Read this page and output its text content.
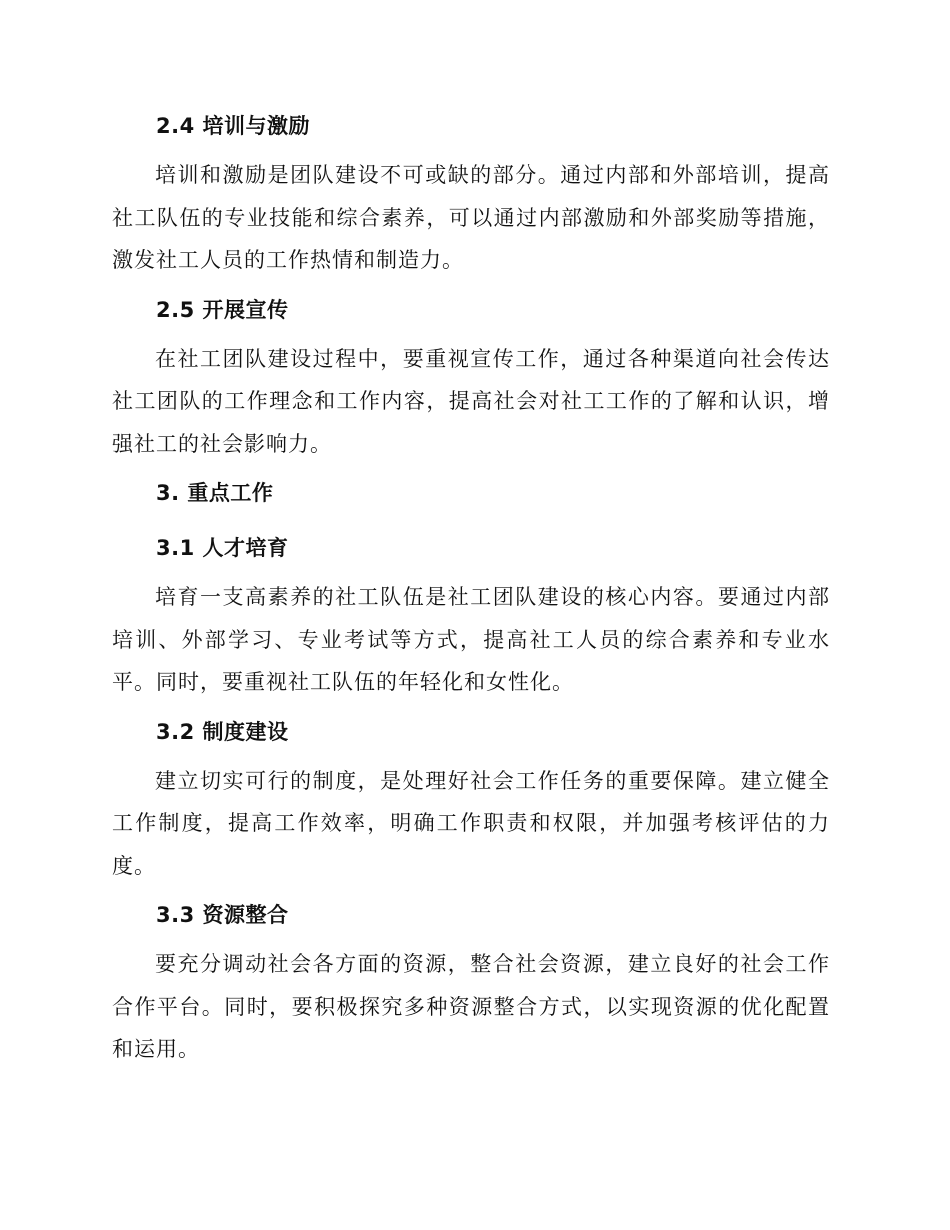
2.4 培训与激励

培训和激励是团队建设不可或缺的部分。通过内部和外部培训，提高社工队伍的专业技能和综合素养，可以通过内部激励和外部奖励等措施，激发社工人员的工作热情和制造力。

2.5 开展宣传

在社工团队建设过程中，要重视宣传工作，通过各种渠道向社会传达社工团队的工作理念和工作内容，提高社会对社工工作的了解和认识，增强社工的社会影响力。

3. 重点工作
3.1 人才培育

培育一支高素养的社工队伍是社工团队建设的核心内容。要通过内部培训、外部学习、专业考试等方式，提高社工人员的综合素养和专业水平。同时，要重视社工队伍的年轻化和女性化。

3.2 制度建设

建立切实可行的制度，是处理好社会工作任务的重要保障。建立健全工作制度，提高工作效率，明确工作职责和权限，并加强考核评估的力度。

3.3 资源整合

要充分调动社会各方面的资源，整合社会资源，建立良好的社会工作合作平台。同时，要积极探究多种资源整合方式，以实现资源的优化配置和运用。
